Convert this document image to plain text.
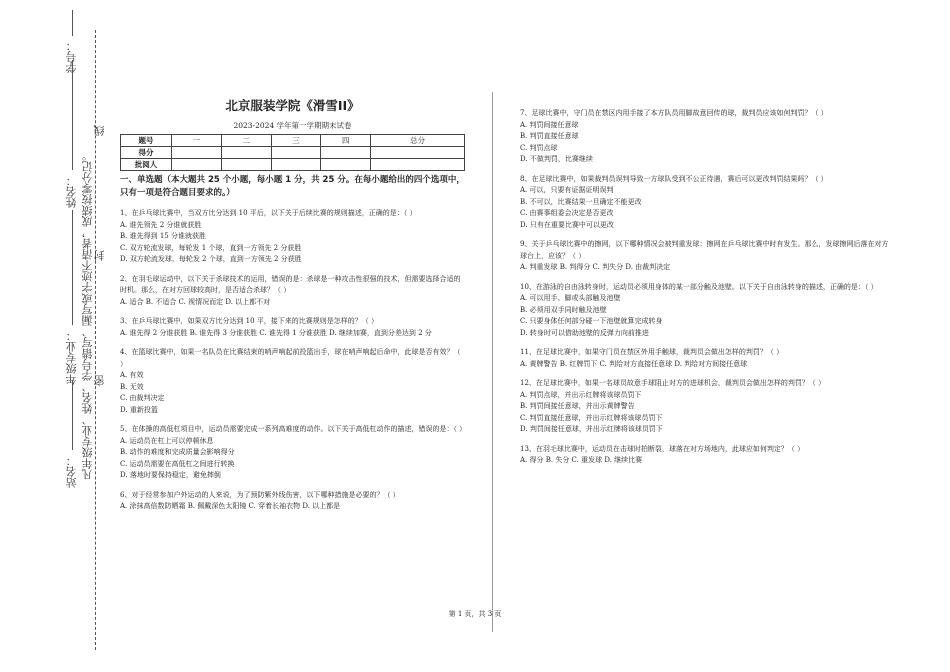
学号：
姓名：
年级专业：
站名： 凡年级专业、姓名、学号错写、漏写或字迹不清者，成绩按零分记。
线
封
密
北京服装学院《滑雪II》
2023-2024 学年第一学期期末试卷
题号	一	二	三	四	总分
得分					
批阅人					
一、单选题（本大题共 25 个小题，每小题 1 分，共 25 分。在每小题给出的四个选项中，只有一项是符合题目要求的。）
1、在乒乓球比赛中，当双方比分达到 10 平后，以下关于后续比赛的规则描述，正确的是：（ ）
A. 谁先领先 2 分谁就获胜
B. 谁先得到 15 分谁就获胜
C. 双方轮流发球，每轮发 1 个球，直到一方领先 2 分获胜
D. 双方轮流发球，每轮发 2 个球，直到一方领先 2 分获胜
2、在羽毛球运动中，以下关于杀球技术的运用，错误的是：杀球是一种攻击性很强的技术，但需要选择合适的时机。那么，在对方回球较高时，是否适合杀球？（ ）
A. 适合 B. 不适合 C. 视情况而定 D. 以上都不对
3、在乒乓球比赛中，如果双方比分达到 10 平，接下来的比赛规则是怎样的？（ ）
A. 谁先得 2 分谁获胜 B. 谁先得 3 分谁获胜 C. 谁先得 1 分谁获胜 D. 继续加赛，直到分差达到 2 分
4、在篮球比赛中，如果一名队员在比赛结束的哨声响起前投篮出手，球在哨声响起后命中，此球是否有效？（ ）
A. 有效
B. 无效
C. 由裁判决定
D. 重新投篮
5、在体操的高低杠项目中，运动员需要完成一系列高难度的动作。以下关于高低杠动作的描述，错误的是：（ ）
A. 运动员在杠上可以停顿休息
B. 动作的难度和完成质量会影响得分
C. 运动员需要在高低杠之间进行转换
D. 落地时要保持稳定，避免摔倒
6、对于经常参加户外运动的人来说，为了预防紫外线伤害，以下哪种措施是必要的？（ ）
A. 涂抹高倍数防晒霜 B. 佩戴深色太阳镜 C. 穿着长袖衣物 D. 以上都是
7、足球比赛中，守门员在禁区内用手接了本方队员用脚故意回传的球，裁判员应该如何判罚？（ ）
A. 判罚间接任意球
B. 判罚直接任意球
C. 判罚点球
D. 不做判罚，比赛继续
8、在足球比赛中，如果裁判员误判导致一方球队受到不公正待遇，赛后可以更改判罚结果吗？（ ）
A. 可以，只要有证据证明误判
B. 不可以，比赛结果一旦确定不能更改
C. 由赛事组委会决定是否更改
D. 只有在重要比赛中可以更改
9、关于乒乓球比赛中的擦网，以下哪种情况会被判重发球：擦网在乒乓球比赛中时有发生。那么，发球擦网后落在对方球台上，应该？（ ）
A. 判重发球 B. 判得分 C. 判失分 D. 由裁判决定
10、在游泳的自由泳转身时，运动员必须用身体的某一部分触及池壁。以下关于自由泳转身的描述，正确的是：（ ）
A. 可以用手、脚或头部触及池壁
B. 必须用双手同时触及池壁
C. 只要身体任何部分碰一下池壁就算完成转身
D. 转身时可以借助池壁的反弹力向前推进
11、在足球比赛中，如果守门员在禁区外用手触球，裁判员会做出怎样的判罚？（ ）
A. 黄牌警告 B. 红牌罚下 C. 判给对方直接任意球 D. 判给对方间接任意球
12、在足球比赛中，如果一名球员故意手球阻止对方的进球机会，裁判员会做出怎样的判罚？（ ）
A. 判罚点球，并出示红牌将该球员罚下
B. 判罚间接任意球，并出示黄牌警告
C. 判罚直接任意球，并出示红牌将该球员罚下
D. 判罚间接任意球，并出示红牌将该球员罚下
13、在羽毛球比赛中，运动员在击球时拍断裂，球落在对方场地内，此球应如何判定？（ ）
A. 得分 B. 失分 C. 重发球 D. 继续比赛
第 1 页，共 3 页
